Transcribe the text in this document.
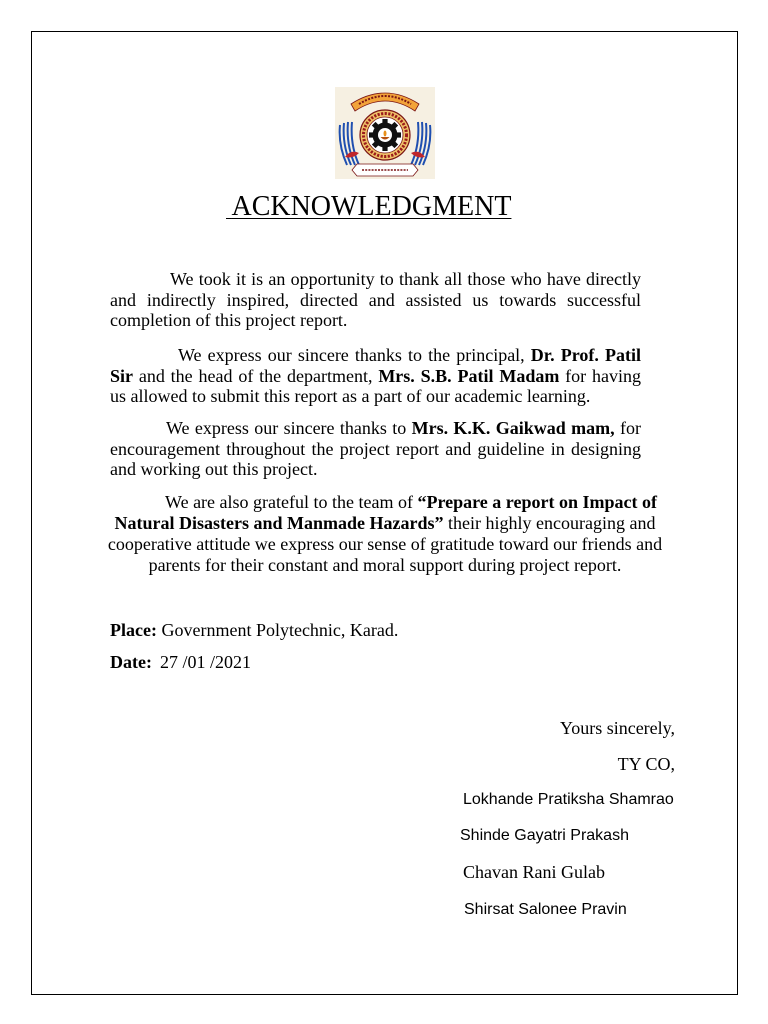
ACKNOWLEDGMENT
We took it is an opportunity to thank all those who have directly and indirectly inspired, directed and assisted us towards successful completion of this project report.
We express our sincere thanks to the principal, Dr. Prof. Patil Sir and the head of the department, Mrs. S.B. Patil Madam for having us allowed to submit this report as a part of our academic learning.
We express our sincere thanks to Mrs. K.K. Gaikwad mam, for encouragement throughout the project report and guideline in designing and working out this project.
We are also grateful to the team of “Prepare a report on Impact of Natural Disasters and Manmade Hazards” their highly encouraging and cooperative attitude we express our sense of gratitude toward our friends and parents for their constant and moral support during project report.
Place: Government Polytechnic, Karad.
Date: 27 /01 /2021
Yours sincerely,
TY CO,
Lokhande Pratiksha Shamrao
Shinde Gayatri Prakash
Chavan Rani Gulab
Shirsat Salonee Pravin
